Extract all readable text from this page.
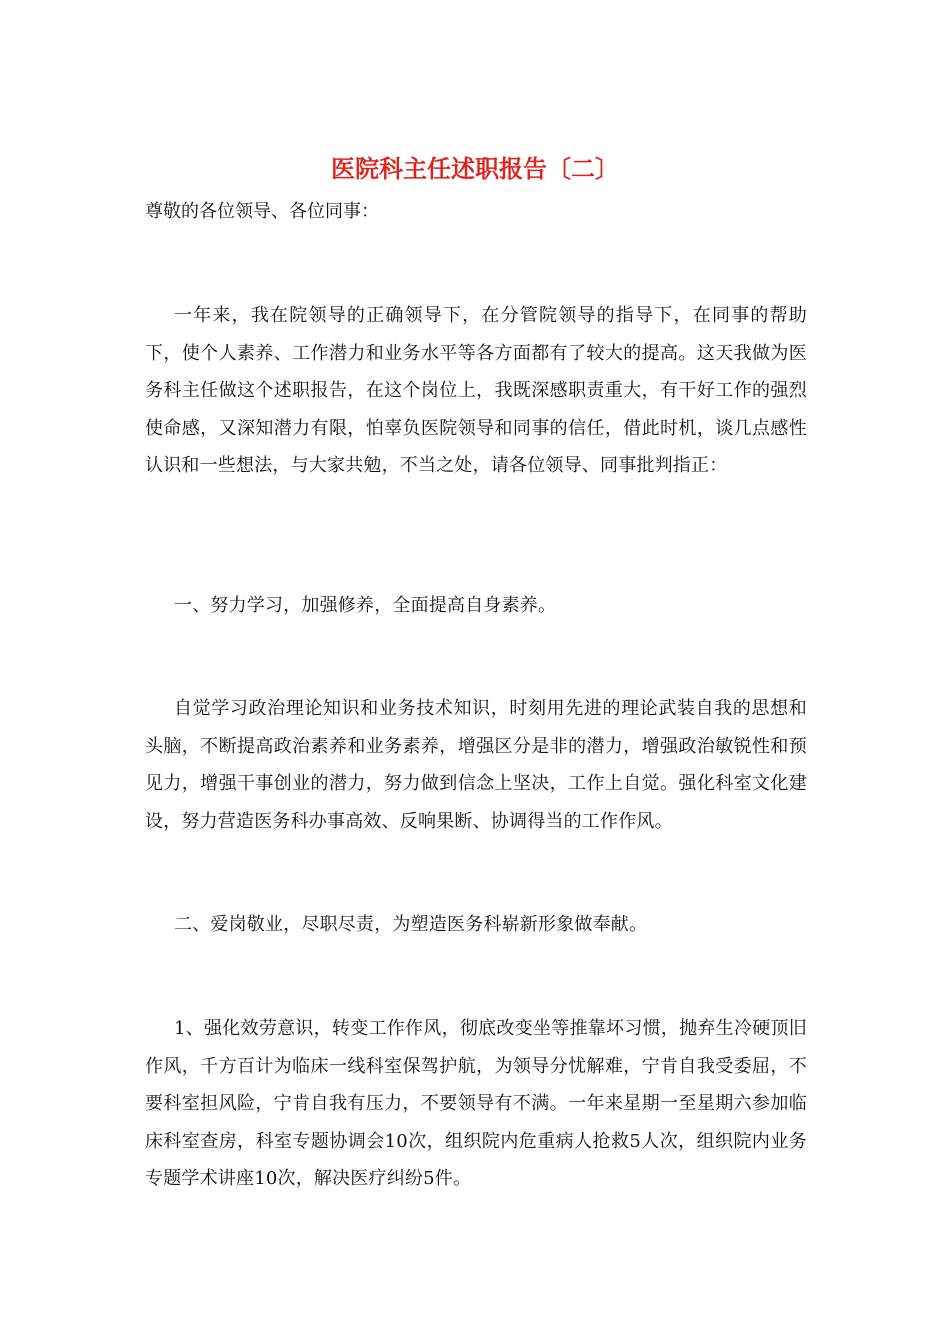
医院科主任述职报告〔二〕
尊敬的各位领导、各位同事：
一年来，我在院领导的正确领导下，在分管院领导的指导下，在同事的帮助下，使个人素养、工作潜力和业务水平等各方面都有了较大的提高。这天我做为医务科主任做这个述职报告，在这个岗位上，我既深感职责重大，有干好工作的强烈使命感，又深知潜力有限，怕辜负医院领导和同事的信任，借此时机，谈几点感性认识和一些想法，与大家共勉，不当之处，请各位领导、同事批判指正：
一、努力学习，加强修养，全面提高自身素养。
自觉学习政治理论知识和业务技术知识，时刻用先进的理论武装自我的思想和头脑，不断提高政治素养和业务素养，增强区分是非的潜力，增强政治敏锐性和预见力，增强干事创业的潜力，努力做到信念上坚决，工作上自觉。强化科室文化建设，努力营造医务科办事高效、反响果断、协调得当的工作作风。
二、爱岗敬业，尽职尽责，为塑造医务科崭新形象做奉献。
1、强化效劳意识，转变工作作风，彻底改变坐等推靠坏习惯，抛弃生冷硬顶旧作风，千方百计为临床一线科室保驾护航，为领导分忧解难，宁肯自我受委屈，不要科室担风险，宁肯自我有压力，不要领导有不满。一年来星期一至星期六参加临床科室查房，科室专题协调会10次，组织院内危重病人抢救5人次，组织院内业务专题学术讲座10次，解决医疗纠纷5件。
